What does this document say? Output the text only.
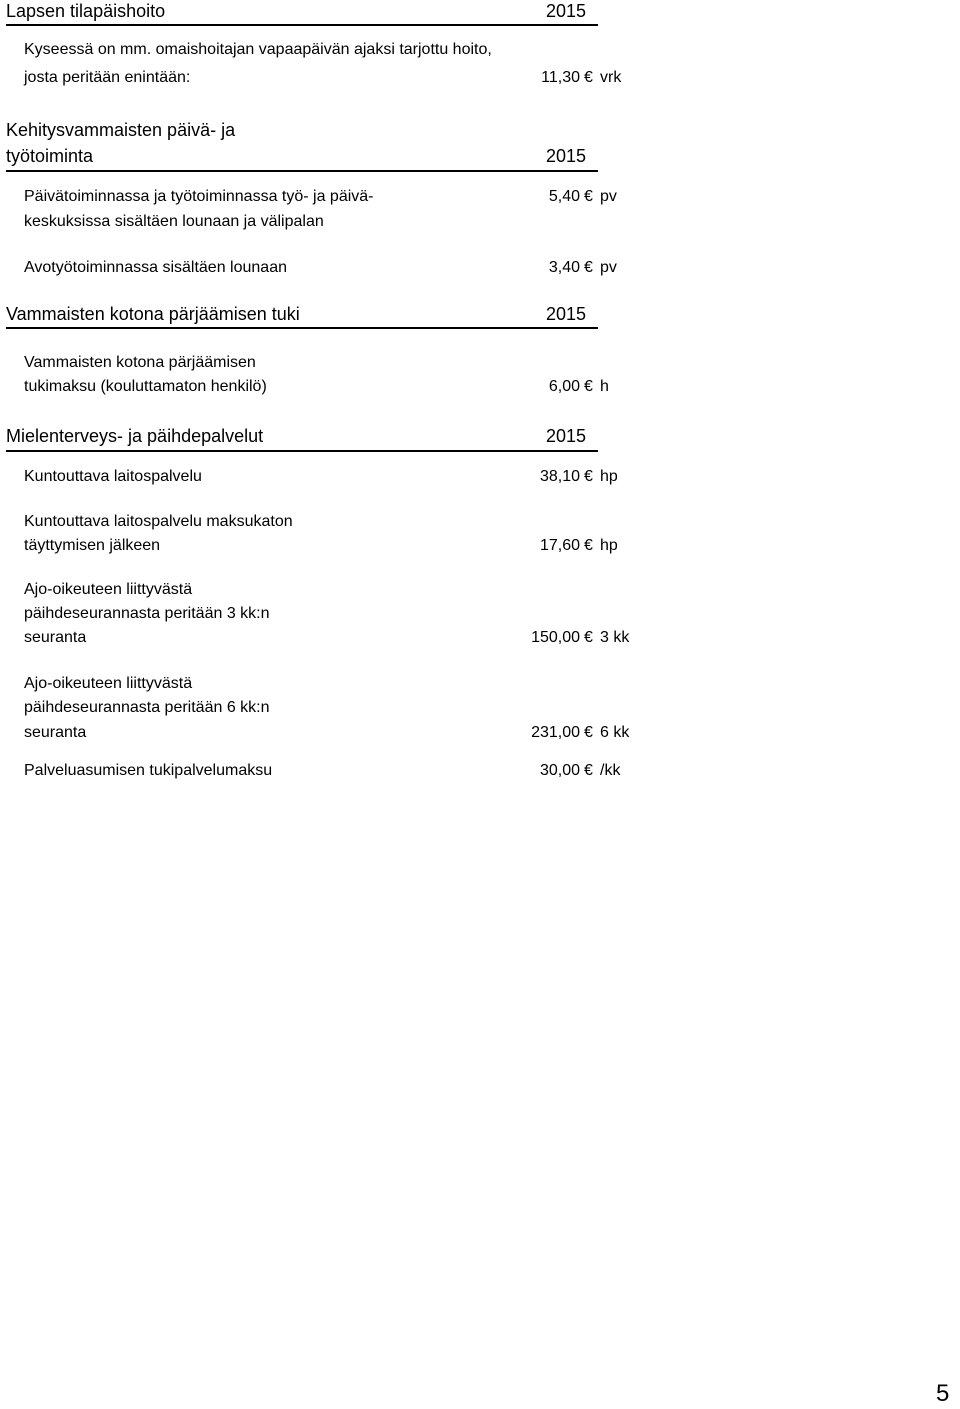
Lapsen tilapäishoito	2015
Kyseessä on mm. omaishoitajan vapaapäivän ajaksi tarjottu hoito,
josta peritään enintään:	11,30 € vrk
Kehitysvammaisten päivä- ja
työtoiminta	2015
Päivätoiminnassa ja työtoiminnassa työ- ja päivä-
keskuksissa sisältäen lounaan ja välipalan
5,40 € pv
Avotyötoiminnassa sisältäen lounaan	3,40 € pv
Vammaisten kotona pärjäämisen tuki	2015
Vammaisten kotona pärjäämisen
tukimaksu (kouluttamaton henkilö)	6,00 € h
Mielenterveys- ja päihdepalvelut	2015
Kuntouttava laitospalvelu	38,10 € hp
Kuntouttava laitospalvelu maksukaton
täyttymisen jälkeen	17,60 € hp
Ajo-oikeuteen liittyvästä
päihdeseurannasta peritään 3 kk:n
seuranta	150,00 € 3 kk
Ajo-oikeuteen liittyvästä
päihdeseurannasta peritään 6 kk:n
seuranta	231,00 € 6 kk
Palveluasumisen tukipalvelumaksu	30,00 € /kk
5
